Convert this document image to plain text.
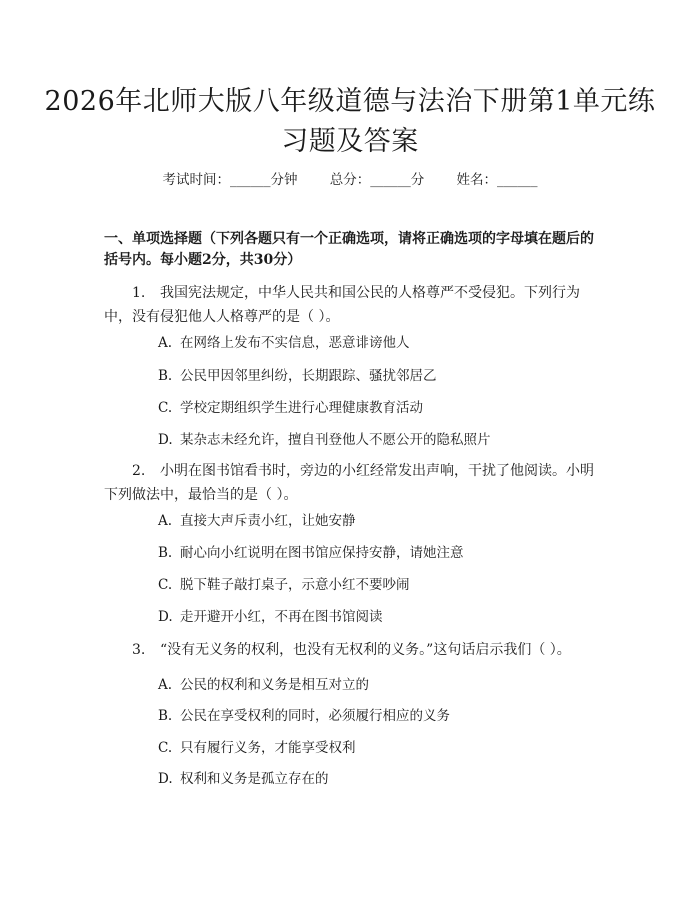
2026年北师大版八年级道德与法治下册第1单元练习题及答案
考试时间：______分钟 总分：______分 姓名：______
一、单项选择题（下列各题只有一个正确选项，请将正确选项的字母填在题后的括号内。每小题2分，共30分）
1. 我国宪法规定，中华人民共和国公民的人格尊严不受侵犯。下列行为中，没有侵犯他人人格尊严的是（ ）。
A. 在网络上发布不实信息，恶意诽谤他人
B. 公民甲因邻里纠纷，长期跟踪、骚扰邻居乙
C. 学校定期组织学生进行心理健康教育活动
D. 某杂志未经允许，擅自刊登他人不愿公开的隐私照片
2. 小明在图书馆看书时，旁边的小红经常发出声响，干扰了他阅读。小明下列做法中，最恰当的是（ ）。
A. 直接大声斥责小红，让她安静
B. 耐心向小红说明在图书馆应保持安静，请她注意
C. 脱下鞋子敲打桌子，示意小红不要吵闹
D. 走开避开小红，不再在图书馆阅读
3. “没有无义务的权利，也没有无权利的义务。”这句话启示我们（ ）。
A. 公民的权利和义务是相互对立的
B. 公民在享受权利的同时，必须履行相应的义务
C. 只有履行义务，才能享受权利
D. 权利和义务是孤立存在的
